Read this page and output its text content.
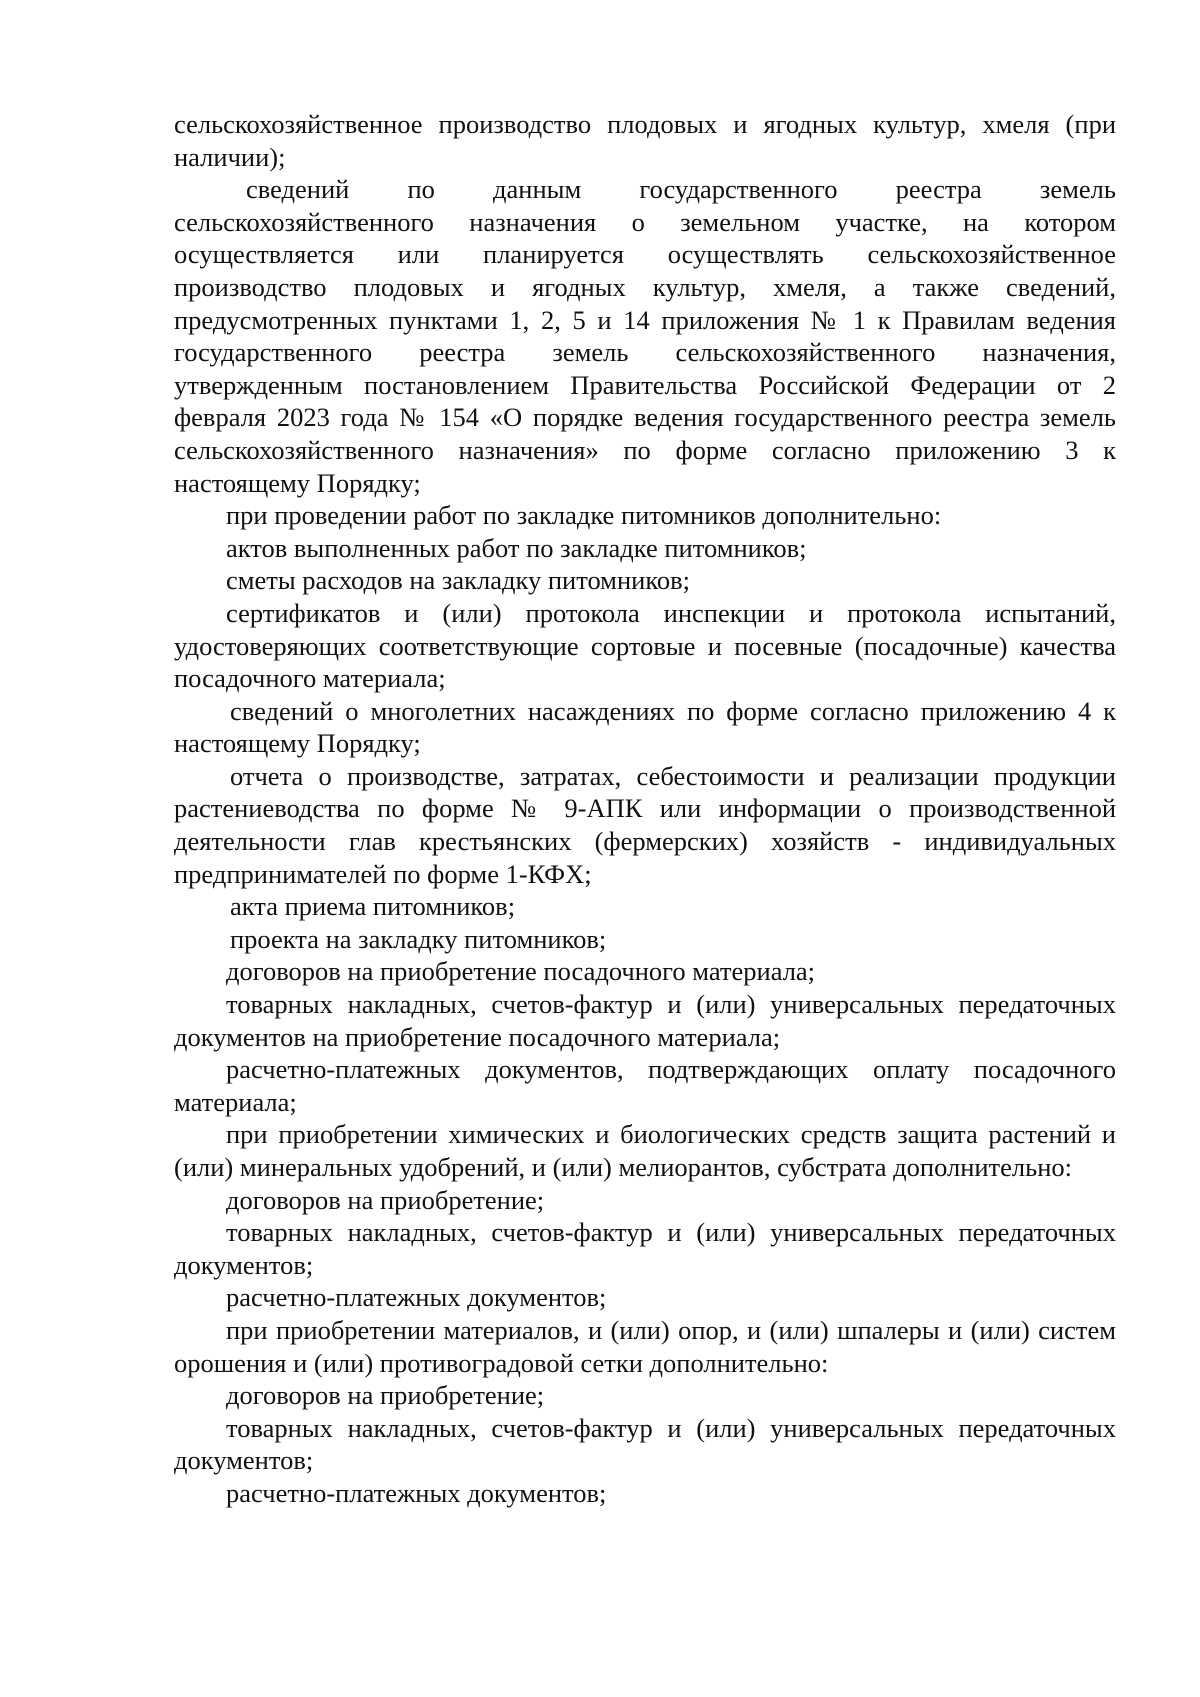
сельскохозяйственное производство плодовых и ягодных культур, хмеля (при наличии);

сведений по данным государственного реестра земель сельскохозяйственного назначения о земельном участке, на котором осуществляется или планируется осуществлять сельскохозяйственное производство плодовых и ягодных культур, хмеля, а также сведений, предусмотренных пунктами 1, 2, 5 и 14 приложения № 1 к Правилам ведения государственного реестра земель сельскохозяйственного назначения, утвержденным постановлением Правительства Российской Федерации от 2 февраля 2023 года № 154 «О порядке ведения государственного реестра земель сельскохозяйственного назначения» по форме согласно приложению 3 к настоящему Порядку;

при проведении работ по закладке питомников дополнительно:

актов выполненных работ по закладке питомников;

сметы расходов на закладку питомников;

сертификатов и (или) протокола инспекции и протокола испытаний, удостоверяющих соответствующие сортовые и посевные (посадочные) качества посадочного материала;

сведений о многолетних насаждениях по форме согласно приложению 4 к настоящему Порядку;

отчета о производстве, затратах, себестоимости и реализации продукции растениеводства по форме № 9-АПК или информации о производственной деятельности глав крестьянских (фермерских) хозяйств - индивидуальных предпринимателей по форме 1-КФХ;

акта приема питомников;

проекта на закладку питомников;

договоров на приобретение посадочного материала;

товарных накладных, счетов-фактур и (или) универсальных передаточных документов на приобретение посадочного материала;

расчетно-платежных документов, подтверждающих оплату посадочного материала;

при приобретении химических и биологических средств защита растений и (или) минеральных удобрений, и (или) мелиорантов, субстрата дополнительно:

договоров на приобретение;

товарных накладных, счетов-фактур и (или) универсальных передаточных документов;

расчетно-платежных документов;

при приобретении материалов, и (или) опор, и (или) шпалеры и (или) систем орошения и (или) противоградовой сетки дополнительно:

договоров на приобретение;

товарных накладных, счетов-фактур и (или) универсальных передаточных документов;

расчетно-платежных документов;
